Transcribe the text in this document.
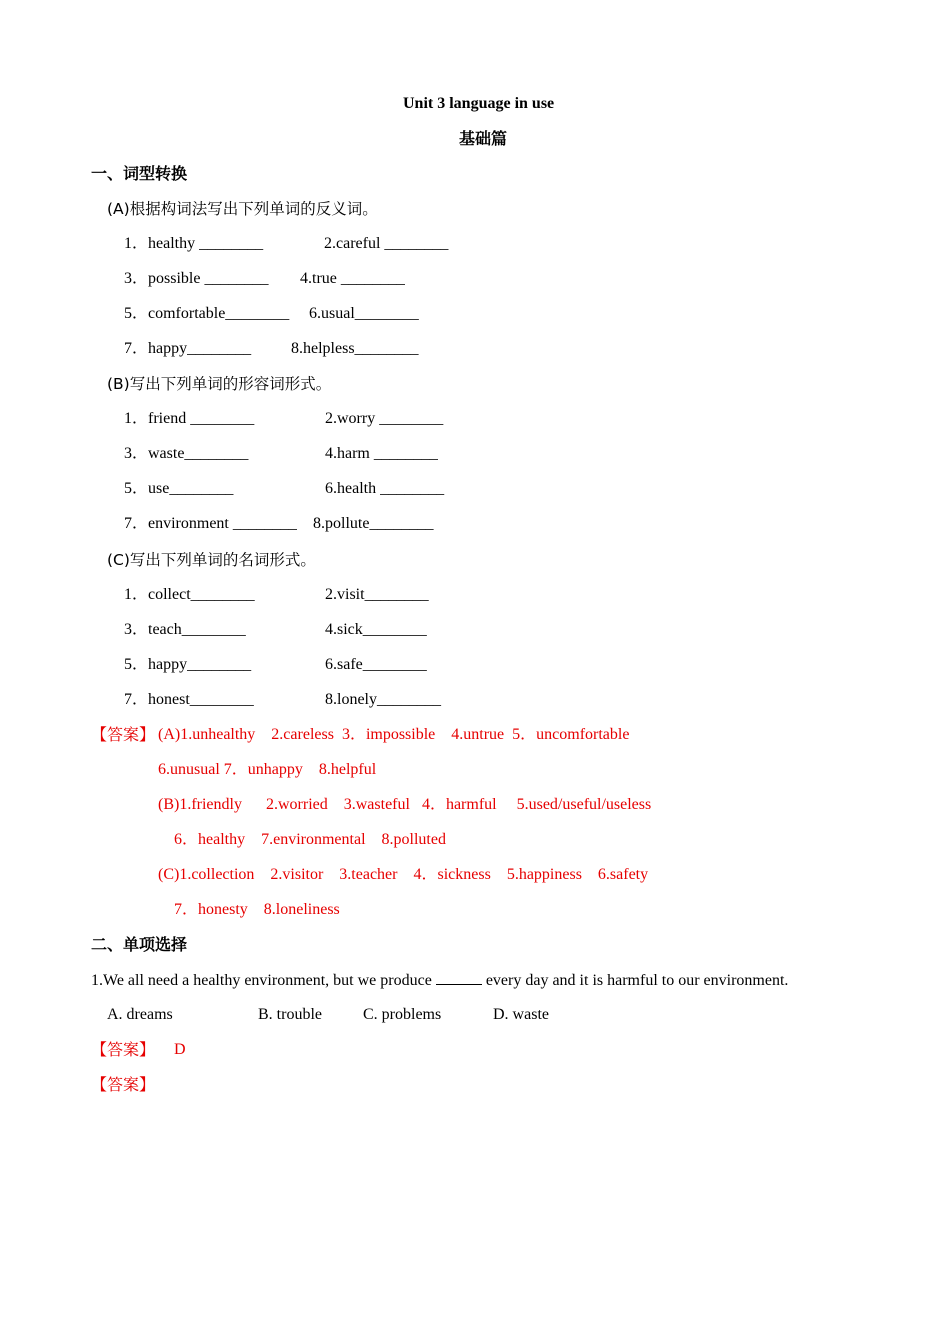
Unit 3 language in use
基础篇
一、词型转换
(A)根据构词法写出下列单词的反义词。
1．healthy ________	2.careful ________
3．possible ________ 4.true ________
5．comfortable________ 6.usual________
7．happy________ 8.helpless________
(B)写出下列单词的形容词形式。
1．friend ________	2.worry ________
3．waste________	4.harm ________
5．use________	6.health ________
7．environment ________ 8.pollute________
(C)写出下列单词的名词形式。
1．collect________	2.visit________
3．teach________	4.sick________
5．happy________	6.safe________
7．honest________	8.lonely________
【答案】 (A)1.unhealthy    2.careless  3．impossible    4.untrue  5．uncomfortable
6.unusual 7．unhappy    8.helpful
(B)1.friendly      2.worried    3.wasteful   4．harmful     5.used/useful/useless
6．healthy    7.environmental    8.polluted
(C)1.collection    2.visitor    3.teacher    4．sickness    5.happiness    6.safety
7．honesty    8.loneliness
二、单项选择
1.We all need a healthy environment, but we produce	every day and it is harmful to our environment.
A. dreams	B. trouble	C. problems	D. waste
【答案】 D
【答案】
